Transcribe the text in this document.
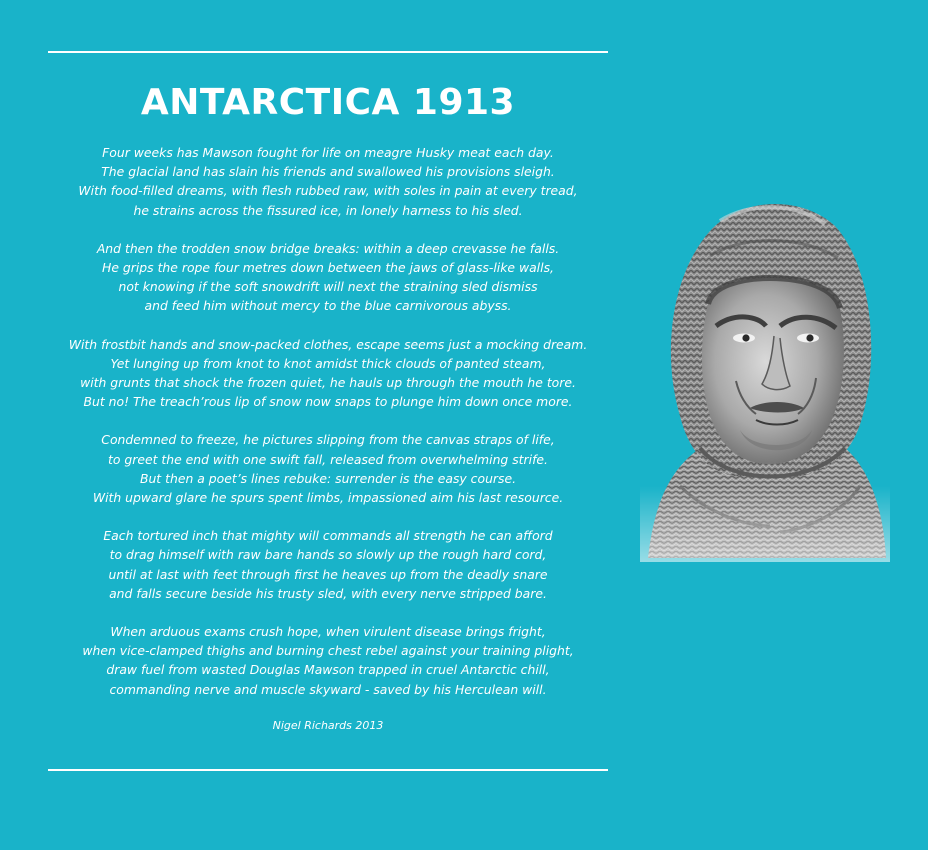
ANTARCTICA 1913
Four weeks has Mawson fought for life on meagre Husky meat each day.
The glacial land has slain his friends and swallowed his provisions sleigh.
With food-filled dreams, with flesh rubbed raw, with soles in pain at every tread,
he strains across the fissured ice, in lonely harness to his sled.
And then the trodden snow bridge breaks: within a deep crevasse he falls.
He grips the rope four metres down between the jaws of glass-like walls,
not knowing if the soft snowdrift will next the straining sled dismiss
and feed him without mercy to the blue carnivorous abyss.
With frostbit hands and snow-packed clothes, escape seems just a mocking dream.
Yet lunging up from knot to knot amidst thick clouds of panted steam,
with grunts that shock the frozen quiet, he hauls up through the mouth he tore.
But no! The treach’rous lip of snow now snaps to plunge him down once more.
Condemned to freeze, he pictures slipping from the canvas straps of life,
to greet the end with one swift fall, released from overwhelming strife.
But then a poet’s lines rebuke: surrender is the easy course.
With upward glare he spurs spent limbs, impassioned aim his last resource.
Each tortured inch that mighty will commands all strength he can afford
to drag himself with raw bare hands so slowly up the rough hard cord,
until at last with feet through first he heaves up from the deadly snare
and falls secure beside his trusty sled, with every nerve stripped bare.
When arduous exams crush hope, when virulent disease brings fright,
when vice-clamped thighs and burning chest rebel against your training plight,
draw fuel from wasted Douglas Mawson trapped in cruel Antarctic chill,
commanding nerve and muscle skyward - saved by his Herculean will.
Nigel Richards 2013
